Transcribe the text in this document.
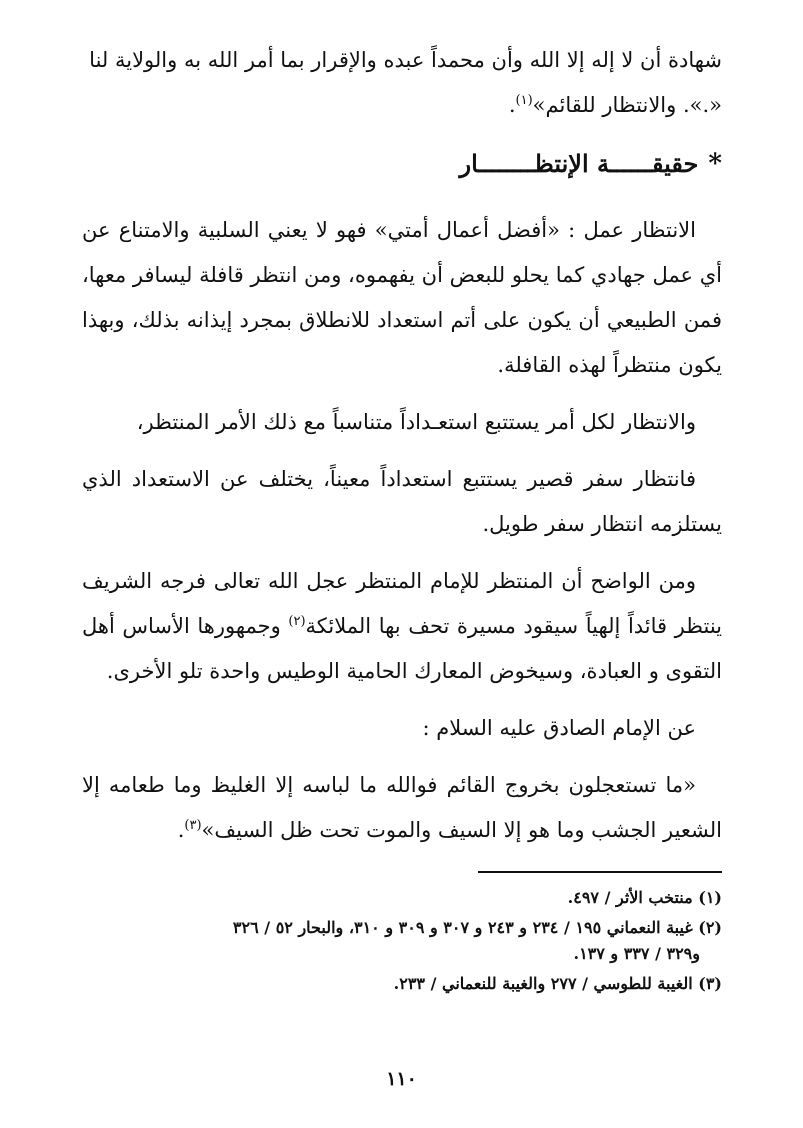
شهادة أن لا إله إلا الله وأن محمداً عبده والإقرار بما أمر الله به والولاية لنا
«.». والانتظار للقائم»$^{(١)}$.

*
حقيقــــــة الإنتظــــــــار

الانتظار عمل : «أفضل أعمال أمتي» فهو لا يعني السلبية والامتناع عن أي عمل جهادي كما يحلو للبعض أن يفهموه، ومن انتظر قافلة ليسافر معها، فمن الطبيعي أن يكون على أتم استعداد للانطلاق بمجرد إيذانه بذلك، وبهذا يكون منتظراً لهذه القافلة.

والانتظار لكل أمر يستتبع استعـداداً متناسباً مع ذلك الأمر المنتظر،

فانتظار سفر قصير يستتبع استعداداً معيناً، يختلف عن الاستعداد الذي يستلزمه انتظار سفر طويل.

ومن الواضح أن المنتظر للإمام المنتظر عجل الله تعالى فرجه الشريف ينتظر قائداً إلهياً سيقود مسيرة تحف بها الملائكة$^{(٢)}$ وجمهورها الأساس أهل التقوى و العبادة، وسيخوض المعارك الحامية الوطيس واحدة تلو الأخرى.

عن الإمام الصادق عليه السلام :

«ما تستعجلون بخروج القائم فوالله ما لباسه إلا الغليظ وما طعامه إلا الشعير الجشب وما هو إلا السيف والموت تحت ظل السيف»$^{(٣)}$.

(١) منتخب الأثر / ٤٩٧.

(٢) غيبة النعماني ١٩٥ / ٢٣٤ و ٢٤٣ و ٣٠٧ و ٣٠٩ و ٣١٠، والبحار ٥٢ / ٣٢٦
و٣٢٩ / ٣٣٧ و ١٣٧.

(٣) الغيبة للطوسي / ٢٧٧ والغيبة للنعماني / ٢٣٣.

١١٠
